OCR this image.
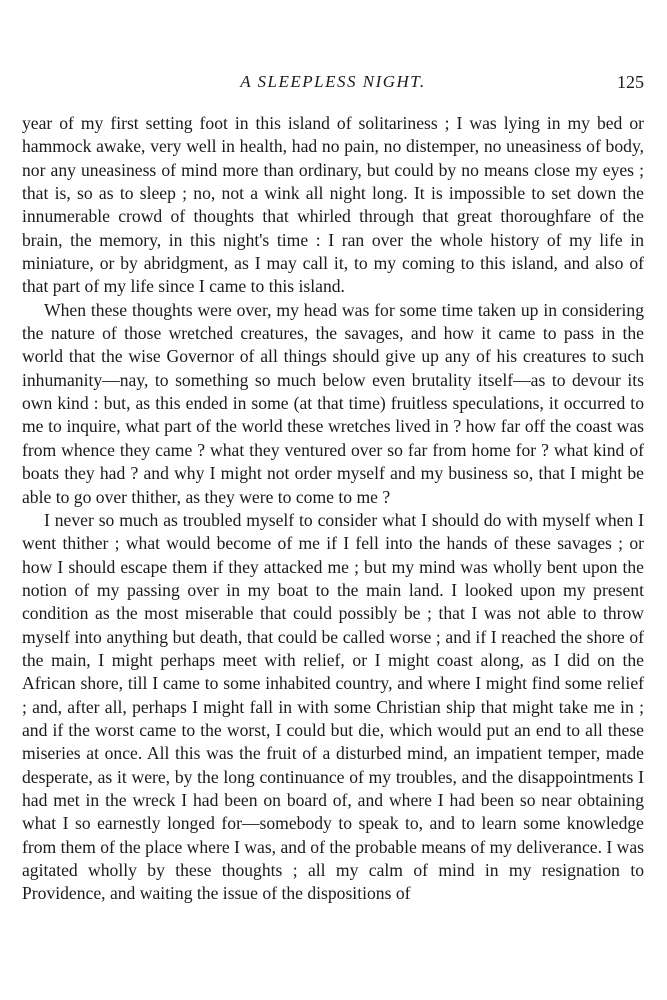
A SLEEPLESS NIGHT.	125

year of my first setting foot in this island of solitariness ; I was lying in my bed or hammock awake, very well in health, had no pain, no distemper, no uneasiness of body, nor any uneasiness of mind more than ordinary, but could by no means close my eyes ; that is, so as to sleep ; no, not a wink all night long. It is impossible to set down the innumerable crowd of thoughts that whirled through that great thoroughfare of the brain, the memory, in this night's time : I ran over the whole history of my life in miniature, or by abridgment, as I may call it, to my coming to this island, and also of that part of my life since I came to this island.

When these thoughts were over, my head was for some time taken up in considering the nature of those wretched creatures, the savages, and how it came to pass in the world that the wise Governor of all things should give up any of his creatures to such inhumanity—nay, to something so much below even brutality itself—as to devour its own kind : but, as this ended in some (at that time) fruitless speculations, it occurred to me to inquire, what part of the world these wretches lived in ? how far off the coast was from whence they came ? what they ventured over so far from home for ? what kind of boats they had ? and why I might not order myself and my business so, that I might be able to go over thither, as they were to come to me ?

I never so much as troubled myself to consider what I should do with myself when I went thither ; what would become of me if I fell into the hands of these savages ; or how I should escape them if they attacked me ; but my mind was wholly bent upon the notion of my passing over in my boat to the main land. I looked upon my present condition as the most miserable that could possibly be ; that I was not able to throw myself into anything but death, that could be called worse ; and if I reached the shore of the main, I might perhaps meet with relief, or I might coast along, as I did on the African shore, till I came to some inhabited country, and where I might find some relief ; and, after all, perhaps I might fall in with some Christian ship that might take me in ; and if the worst came to the worst, I could but die, which would put an end to all these miseries at once. All this was the fruit of a disturbed mind, an impatient temper, made desperate, as it were, by the long continuance of my troubles, and the disappointments I had met in the wreck I had been on board of, and where I had been so near obtaining what I so earnestly longed for—somebody to speak to, and to learn some knowledge from them of the place where I was, and of the probable means of my deliverance. I was agitated wholly by these thoughts ; all my calm of mind in my resignation to Providence, and waiting the issue of the dispositions of
